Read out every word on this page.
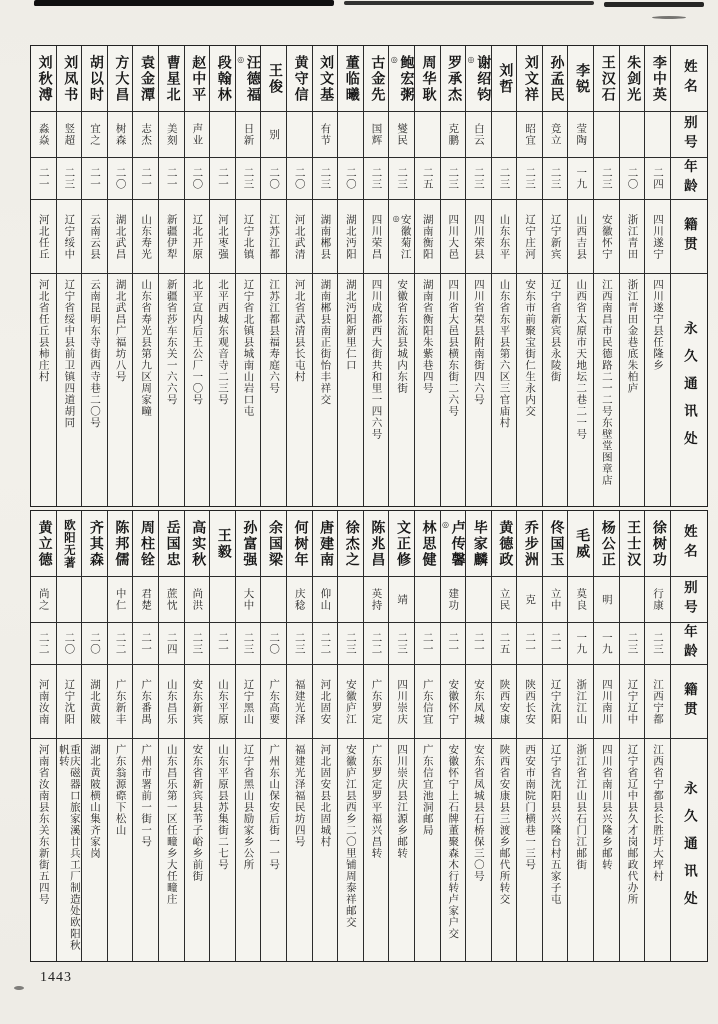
刘秋溥
淼焱
二一
河北任丘
河北省任丘县柿庄村
刘凤书
竖超
二三
辽宁绥中
辽宁省绥中县前卫镇四道胡同
胡以时
宜之
二一
云南云县
云南昆明东寺街西寺巷二〇号
方大昌
树森
二〇
湖北武昌
湖北武昌广福坊八号
袁金潭
志杰
二一
山东寿光
山东省寿光县第九区周家疃
曹星北
美刻
二一
新疆伊犁
新疆省莎车东关一六六号
赵中平
声业
二〇
辽北开原
北平宣内后王公厂一〇号
段翰林
二一
河北枣强
北平西城东观音寺二三号
汪德福
◎
日新
二三
辽宁北镇
辽宁省北镇县城南山岩口屯
王俊
别
二〇
江苏江都
江苏江都县福寿庭六号
黄守信
二〇
河北武清
河北省武清县长屯村
刘文基
有节
二三
湖南郴县
湖南郴县南正街怡丰祥交
董临曦
二〇
湖北沔阳
湖北沔阳新里仁口
古金先
国辉
二三
四川荣昌
四川成都西大街共和里一四六号
鲍宏粥
◎
燮民
二三
安徽菊江
◎
安徽省东流县城内东街
周华耿
二五
湖南衡阳
湖南省衡阳朱紫巷四号
罗承杰
克鹏
二三
四川大邑
四川省大邑县横东街二六号
谢绍钧
◎
白云
二三
四川荣县
四川省荣县附南街四六号
刘哲
二三
山东东平
山东省东平县第六区三官庙村
刘文祥
昭宜
二三
辽宁庄河
安东市前聚宝街仁生永内交
孙孟民
竞立
二三
辽宁新宾
辽宁省新宾县永陵街
李锐
莹陶
一九
山西吉县
山西省太原市天地坛二巷二一号
王汉石
二三
安徽怀宁
江西南昌市民德路二一二号东壁堂图章店
朱剑光
二〇
浙江青田
浙江青田金巷底朱柏庐
李中英
二四
四川遂宁
四川遂宁县任隆乡
姓名
别号
年龄
籍贯
永久通讯处
黄立德
尚之
二二
河南汝南
河南省汝南县东关东新街五四号
欧阳无著
二〇
辽宁沈阳
重庆磁器口旅家溪廿兵工厂制造处欧阳秋帆转
齐其森
二〇
湖北黄陂
湖北黄陂横山集齐家岗
陈邦儒
中仁
二二
广东新丰
广东翁源磜下松山
周柱铨
君楚
二一
广东番禺
广州市署前一街一号
岳国忠
蔗忱
二四
山东昌乐
山东昌乐第一区任疃乡大任疃庄
高实秋
尚洪
二三
安东新宾
安东省新宾县苇子峪乡前街
王毅
二一
山东平原
山东平原县苏集街二七号
孙富强
大中
二三
辽宁黑山
辽宁省黑山县励家乡公所
余国梁
二〇
广东高要
广州东山保安后街一一号
何树年
庆稔
二三
福建光泽
福建光泽福民坊四号
唐建南
仰山
二二
河北固安
河北固安县北固城村
徐杰之
二三
安徽庐江
安徽庐江县西乡二〇里铺周泰祥邮交
陈兆昌
英持
二二
广东罗定
广东罗定罗平福兴昌转
文正修
靖
二三
四川崇庆
四川崇庆县江源乡邮转
林思健
二一
广东信宜
广东信宜池洞邮局
卢传馨
◎
建功
二一
安徽怀宁
安徽怀宁上石牌董聚森木行转卢家户交
毕家麟
二一
安东凤城
安东省凤城县石桥保三〇号
黄德政
立民
二五
陕西安康
陕西省安康县三渡乡邮代所转交
乔步洲
克
二一
陕西长安
西安市南院门横巷一三号
佟国玉
立中
二一
辽宁沈阳
辽宁省沈阳县兴隆台村五家子屯
毛威
莫良
一九
浙江江山
浙江省江山县石门江邮街
杨公正
明
一九
四川南川
四川省南川县兴隆乡邮转
王士汉
二三
辽宁辽中
辽宁省辽中县久才岗邮政代办所
徐树功
行康
二三
江西宁都
江西省宁都县长胜圩大坪村
姓名
别号
年龄
籍贯
永久通讯处
1443
